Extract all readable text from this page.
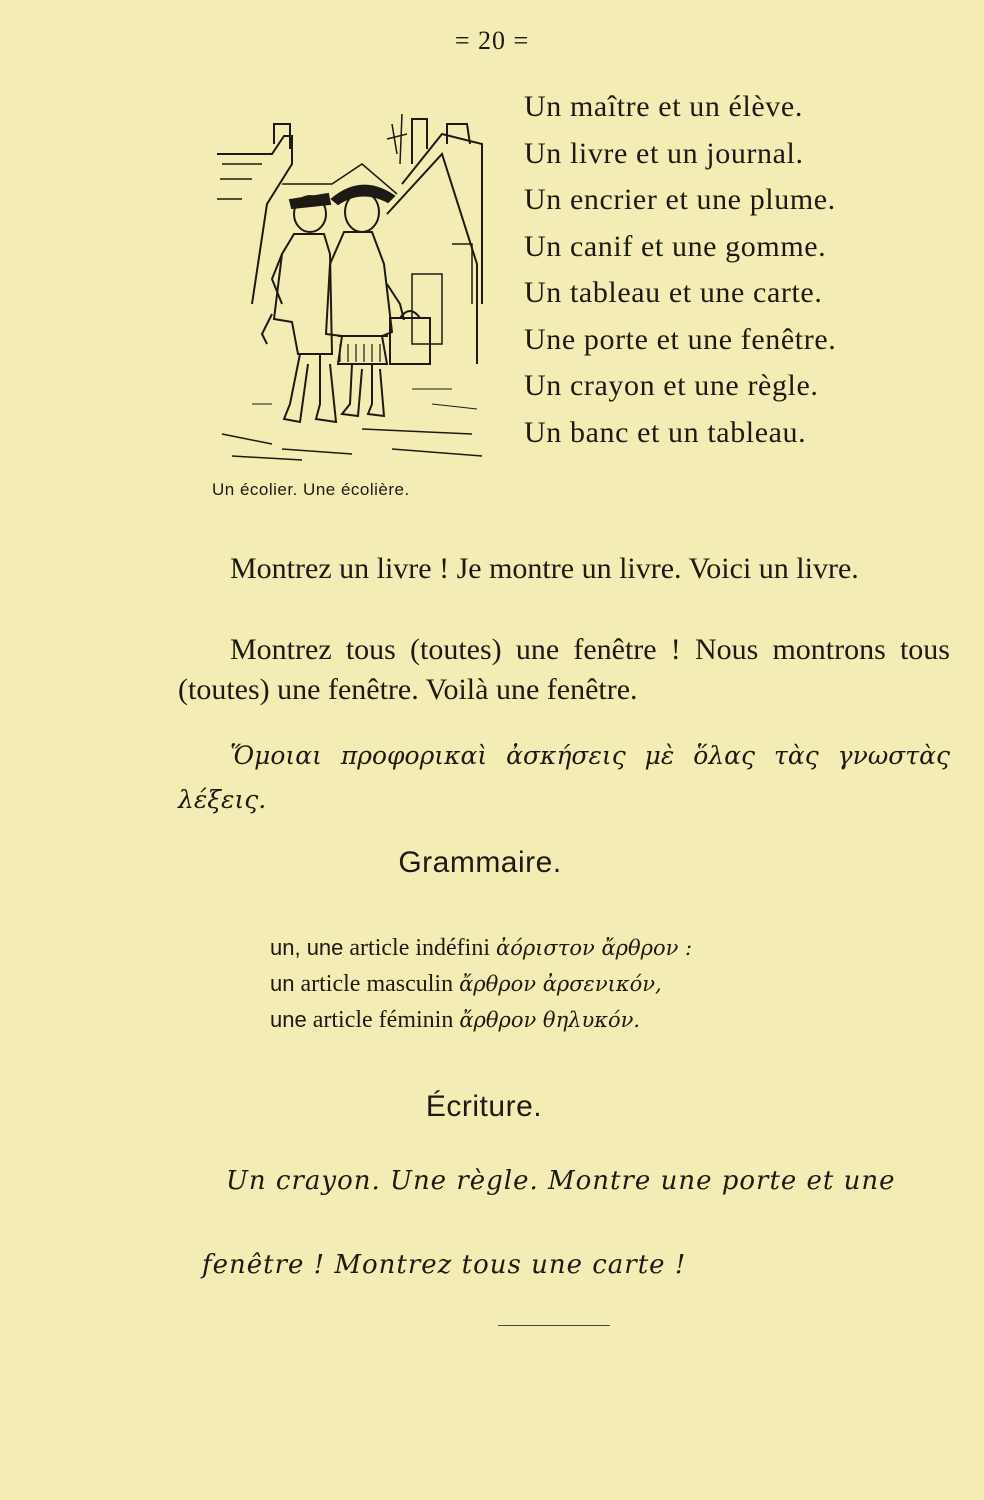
= 20 =
Un écolier. Une écolière.
Un maître et un élève.
Un livre et un journal.
Un encrier et une plume.
Un canif et une gomme.
Un tableau et une carte.
Une porte et une fenêtre.
Un crayon et une règle.
Un banc et un tableau.

Montrez un livre ! Je montre un livre. Voici un livre.

Montrez tous (toutes) une fenêtre ! Nous montrons tous (toutes) une fenêtre. Voilà une fenêtre.

Ὅμοιαι προφορικαὶ ἀσκήσεις μὲ ὅλας τὰς γνωστὰς λέξεις.

Grammaire.
un, une article indéfini ἀόριστον ἄρθρον :
un article masculin ἄρθρον ἀρσενικόν,
une article féminin ἄρθρον θηλυκόν.
Écriture.

Un crayon. Une règle. Montre une porte et une

fenêtre ! Montrez tous une carte !
